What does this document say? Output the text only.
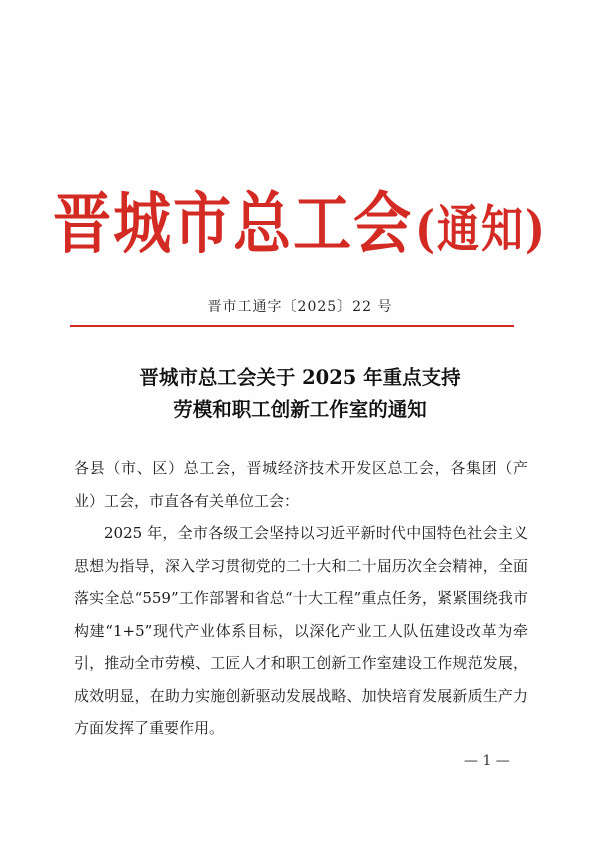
晋城市总工会(通知)
晋市工通字〔2025〕22 号
晋城市总工会关于 2025 年重点支持
劳模和职工创新工作室的通知

各县（市、区）总工会，晋城经济技术开发区总工会，各集团（产业）工会，市直各有关单位工会：

2025 年，全市各级工会坚持以习近平新时代中国特色社会主义思想为指导，深入学习贯彻党的二十大和二十届历次全会精神，全面落实全总“559”工作部署和省总“十大工程”重点任务，紧紧围绕我市构建“1+5”现代产业体系目标，以深化产业工人队伍建设改革为牵引，推动全市劳模、工匠人才和职工创新工作室建设工作规范发展，成效明显，在助力实施创新驱动发展战略、加快培育发展新质生产力方面发挥了重要作用。

— 1 —
